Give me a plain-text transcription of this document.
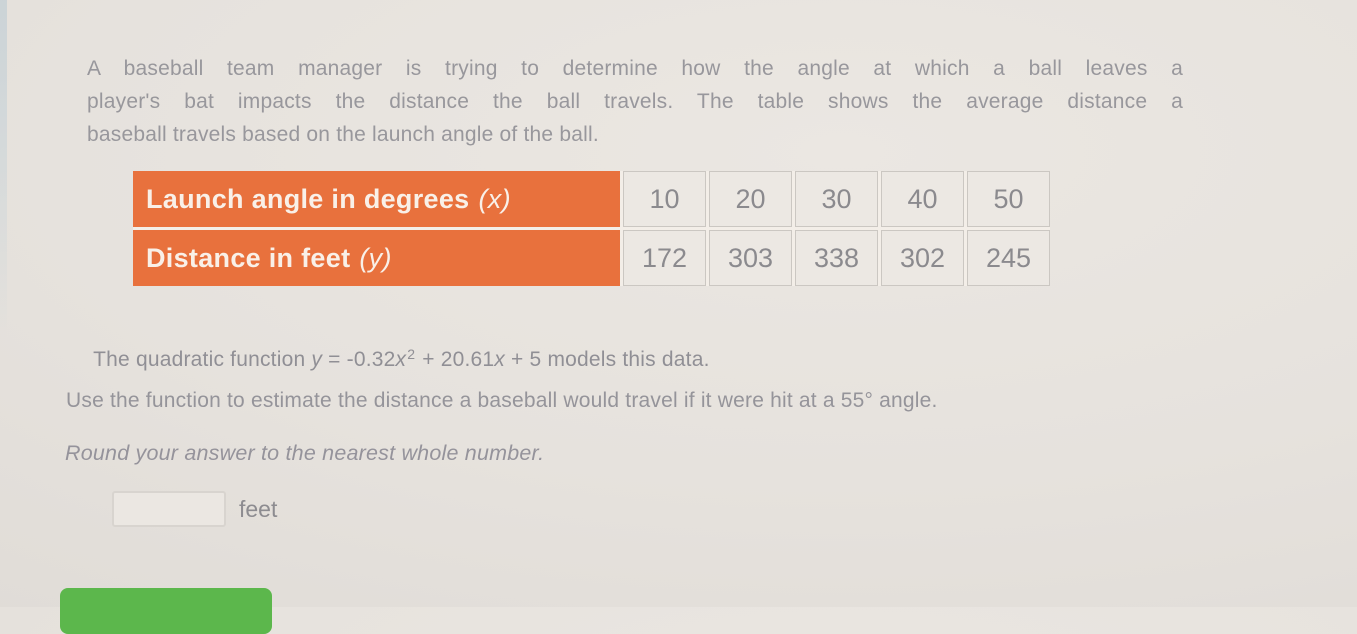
A baseball team manager is trying to determine how the angle at which a ball leaves a
player's bat impacts the distance the ball travels. The table shows the average distance a
baseball travels based on the launch angle of the ball.
Launch angle in degrees (x)	10	20	30	40	50
Distance in feet (y)	172	303	338	302	245

The quadratic function $y = -0.32x^2 + 20.61x + 5$ models this data.

Use the function to estimate the distance a baseball would travel if it were hit at a 55° angle.
Round your answer to the nearest whole number.
feet
